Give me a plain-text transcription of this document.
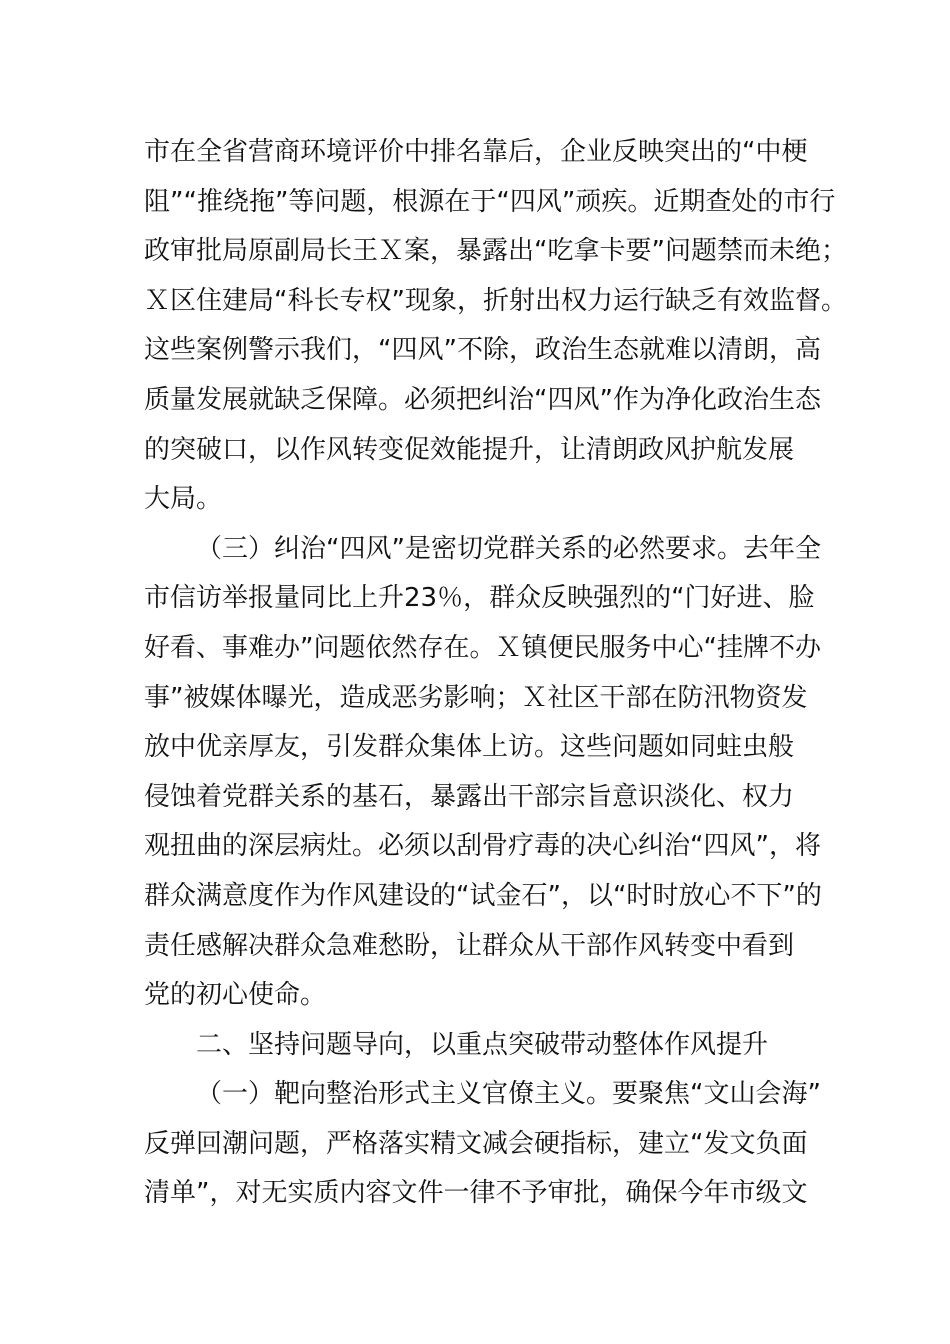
市在全省营商环境评价中排名靠后，企业反映突出的“中梗
阻”“推绕拖”等问题，根源在于“四风”顽疾。近期查处的市行
政审批局原副局长王Ｘ案，暴露出“吃拿卡要”问题禁而未绝；
Ｘ区住建局“科长专权”现象，折射出权力运行缺乏有效监督。
这些案例警示我们，“四风”不除，政治生态就难以清朗，高
质量发展就缺乏保障。必须把纠治“四风”作为净化政治生态
的突破口，以作风转变促效能提升，让清朗政风护航发展
大局。
（三）纠治“四风”是密切党群关系的必然要求。去年全
市信访举报量同比上升23％，群众反映强烈的“门好进、脸
好看、事难办”问题依然存在。Ｘ镇便民服务中心“挂牌不办
事”被媒体曝光，造成恶劣影响；Ｘ社区干部在防汛物资发
放中优亲厚友，引发群众集体上访。这些问题如同蛀虫般
侵蚀着党群关系的基石，暴露出干部宗旨意识淡化、权力
观扭曲的深层病灶。必须以刮骨疗毒的决心纠治“四风”，将
群众满意度作为作风建设的“试金石”，以“时时放心不下”的
责任感解决群众急难愁盼，让群众从干部作风转变中看到
党的初心使命。
二、坚持问题导向，以重点突破带动整体作风提升
（一）靶向整治形式主义官僚主义。要聚焦“文山会海”
反弹回潮问题，严格落实精文减会硬指标，建立“发文负面
清单”，对无实质内容文件一律不予审批，确保今年市级文
